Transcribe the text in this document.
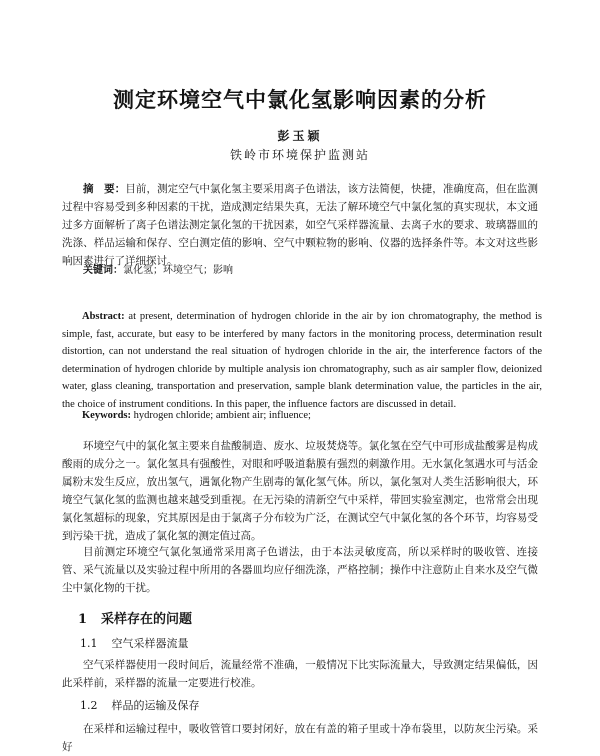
测定环境空气中氯化氢影响因素的分析
彭玉颖
铁岭市环境保护监测站

摘　要：目前，测定空气中氯化氢主要采用离子色谱法，该方法简便，快捷，准确度高，但在监测过程中容易受到多种因素的干扰，造成测定结果失真，无法了解环境空气中氯化氢的真实现状，本文通过多方面解析了离子色谱法测定氯化氢的干扰因素，如空气采样器流量、去离子水的要求、玻璃器皿的洗涤、样品运输和保存、空白测定值的影响、空气中颗粒物的影响、仪器的选择条件等。本文对这些影响因素进行了详细探讨。

关键词：氯化氢；环境空气；影响

Abstract: at present, determination of hydrogen chloride in the air by ion chromatography, the method is simple, fast, accurate, but easy to be interfered by many factors in the monitoring process, determination result distortion, can not understand the real situation of hydrogen chloride in the air, the interference factors of the determination of hydrogen chloride by multiple analysis ion chromatography, such as air sampler flow, deionized water, glass cleaning, transportation and preservation, sample blank determination value, the particles in the air, the choice of instrument conditions. In this paper, the influence factors are discussed in detail.

Keywords: hydrogen chloride; ambient air; influence;

环境空气中的氯化氢主要来自盐酸制造、废水、垃圾焚烧等。氯化氢在空气中可形成盐酸雾是构成酸雨的成分之一。氯化氢具有强酸性，对眼和呼吸道黏膜有强烈的刺激作用。无水氯化氢遇水可与活金属粉末发生反应，放出氢气，遇氰化物产生剧毒的氰化氢气体。所以，氯化氢对人类生活影响很大，环境空气氯化氢的监测也越来越受到重视。在无污染的清新空气中采样，带回实验室测定，也常常会出现氯化氢超标的现象，究其原因是由于氯离子分布较为广泛，在测试空气中氯化氢的各个环节，均容易受到污染干扰，造成了氯化氢的测定值过高。

目前测定环境空气氯化氢通常采用离子色谱法，由于本法灵敏度高，所以采样时的吸收管、连接管、采气流量以及实验过程中所用的各器皿均应仔细洗涤，严格控制；操作中注意防止自来水及空气微尘中氯化物的干扰。

1 采样存在的问题
1.1 空气采样器流量

空气采样器使用一段时间后，流量经常不准确，一般情况下比实际流量大，导致测定结果偏低，因此采样前，采样器的流量一定要进行校准。

1.2 样品的运输及保存

在采样和运输过程中，吸收管管口要封闭好，放在有盖的箱子里或十净布袋里，以防灰尘污染。采好
